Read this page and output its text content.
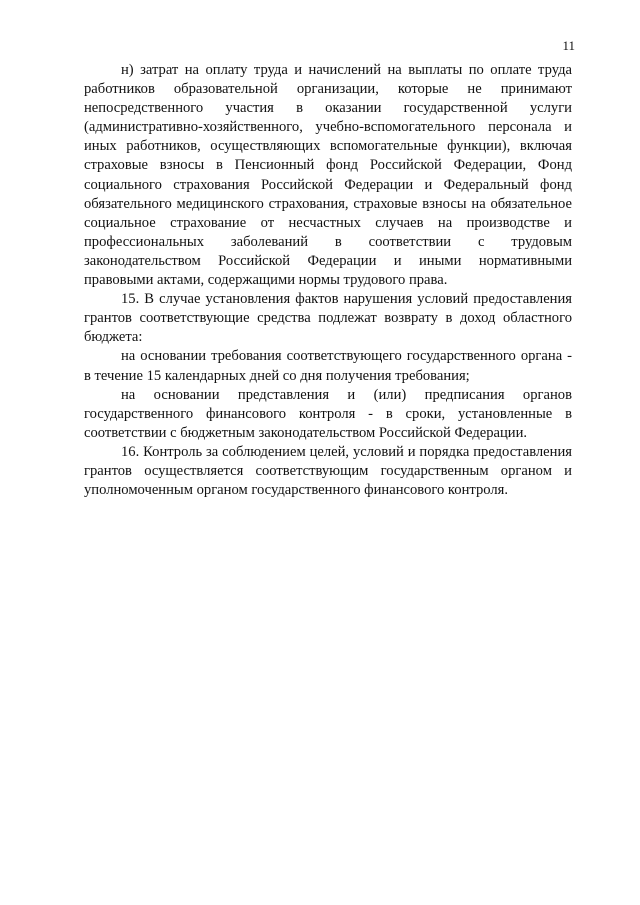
11

н) затрат на оплату труда и начислений на выплаты по оплате труда работников образовательной организации, которые не принимают непосредственного участия в оказании государственной услуги (административно-хозяйственного, учебно-вспомогательного персонала и иных работников, осуществляющих вспомогательные функции), включая страховые взносы в Пенсионный фонд Российской Федерации, Фонд социального страхования Российской Федерации и Федеральный фонд обязательного медицинского страхования, страховые взносы на обязательное социальное страхование от несчастных случаев на производстве и профессиональных заболеваний в соответствии с трудовым законодательством Российской Федерации и иными нормативными правовыми актами, содержащими нормы трудового права.

15. В случае установления фактов нарушения условий предоставления грантов соответствующие средства подлежат возврату в доход областного бюджета:

на основании требования соответствующего государственного органа - в течение 15 календарных дней со дня получения требования;

на основании представления и (или) предписания органов государственного финансового контроля - в сроки, установленные в соответствии с бюджетным законодательством Российской Федерации.

16. Контроль за соблюдением целей, условий и порядка предоставления грантов осуществляется соответствующим государственным органом и уполномоченным органом государственного финансового контроля.
